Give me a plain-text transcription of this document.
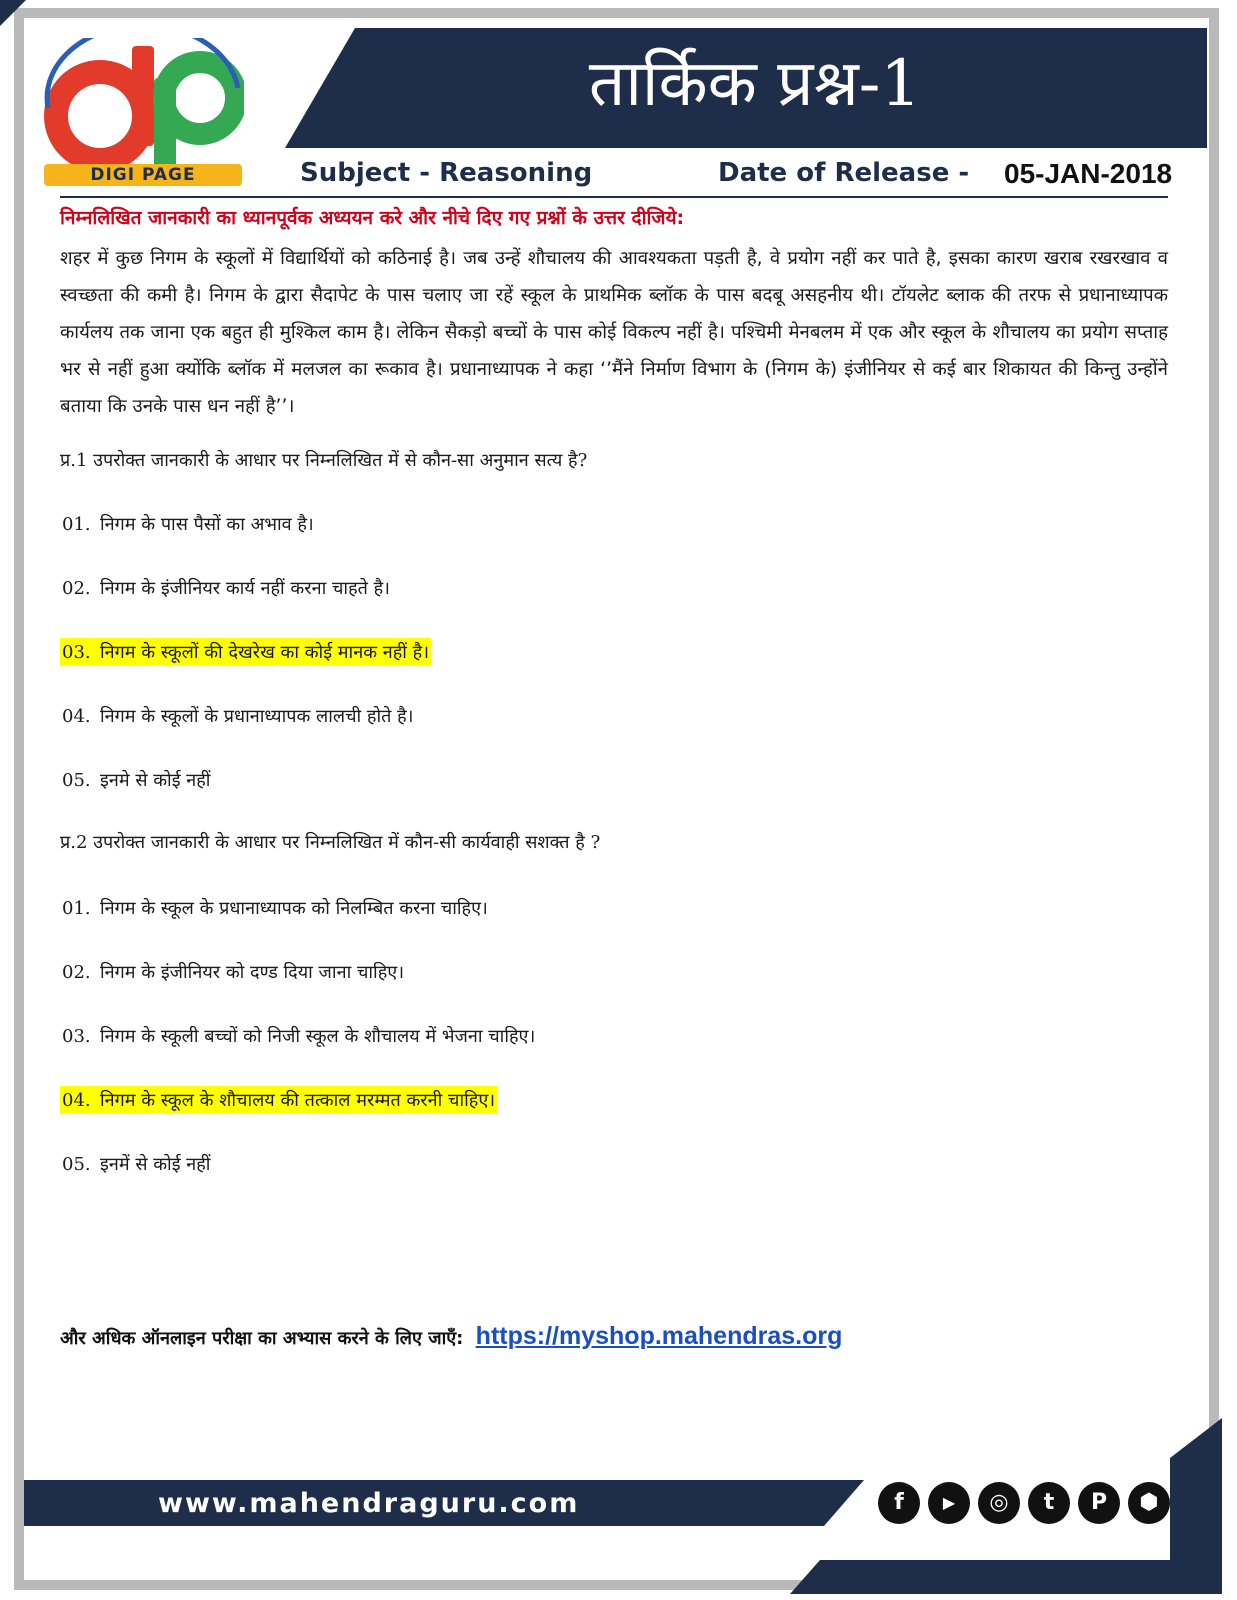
तार्किक प्रश्न-1
DIGI PAGE	Subject - Reasoning	Date of Release - 05-JAN-2018
निम्नलिखित जानकारी का ध्यानपूर्वक अध्ययन करे और नीचे दिए गए प्रश्नों के उत्तर दीजिये:
शहर में कुछ निगम के स्कूलों में विद्यार्थियों को कठिनाई है। जब उन्हें शौचालय की आवश्यकता पड़ती है, वे प्रयोग नहीं कर पाते है, इसका कारण खराब रखरखाव व स्वच्छता की कमी है। निगम के द्वारा सैदापेट के पास चलाए जा रहें स्कूल के प्राथमिक ब्लॉक के पास बदबू असहनीय थी। टॉयलेट ब्लाक की तरफ से प्रधानाध्यापक कार्यलय तक जाना एक बहुत ही मुश्किल काम है। लेकिन सैकड़ो बच्चों के पास कोई विकल्प नहीं है। पश्चिमी मेनबलम में एक और स्कूल के शौचालय का प्रयोग सप्ताह भर से नहीं हुआ क्योंकि ब्लॉक में मलजल का रूकाव है। प्रधानाध्यापक ने कहा ‘’मैंने निर्माण विभाग के (निगम के) इंजीनियर से कई बार शिकायत की किन्तु उन्होंने बताया कि उनके पास धन नहीं है’’।
प्र.1 उपरोक्त जानकारी के आधार पर निम्नलिखित में से कौन-सा अनुमान सत्य है?
01. निगम के पास पैसों का अभाव है।
02. निगम के इंजीनियर कार्य नहीं करना चाहते है।
03. निगम के स्कूलों की देखरेख का कोई मानक नहीं है।
04. निगम के स्कूलों के प्रधानाध्यापक लालची होते है।
05. इनमे से कोई नहीं
प्र.2 उपरोक्त जानकारी के आधार पर निम्नलिखित में कौन-सी कार्यवाही सशक्त है ?
01. निगम के स्कूल के प्रधानाध्यापक को निलम्बित करना चाहिए।
02. निगम के इंजीनियर को दण्ड दिया जाना चाहिए।
03. निगम के स्कूली बच्चों को निजी स्कूल के शौचालय में भेजना चाहिए।
04. निगम के स्कूल के शौचालय की तत्काल मरम्मत करनी चाहिए।
05. इनमें से कोई नहीं
और अधिक ऑनलाइन परीक्षा का अभ्यास करने के लिए जाएँ: https://myshop.mahendras.org
www.mahendraguru.com	f	▶	◎	t	P	⬢
